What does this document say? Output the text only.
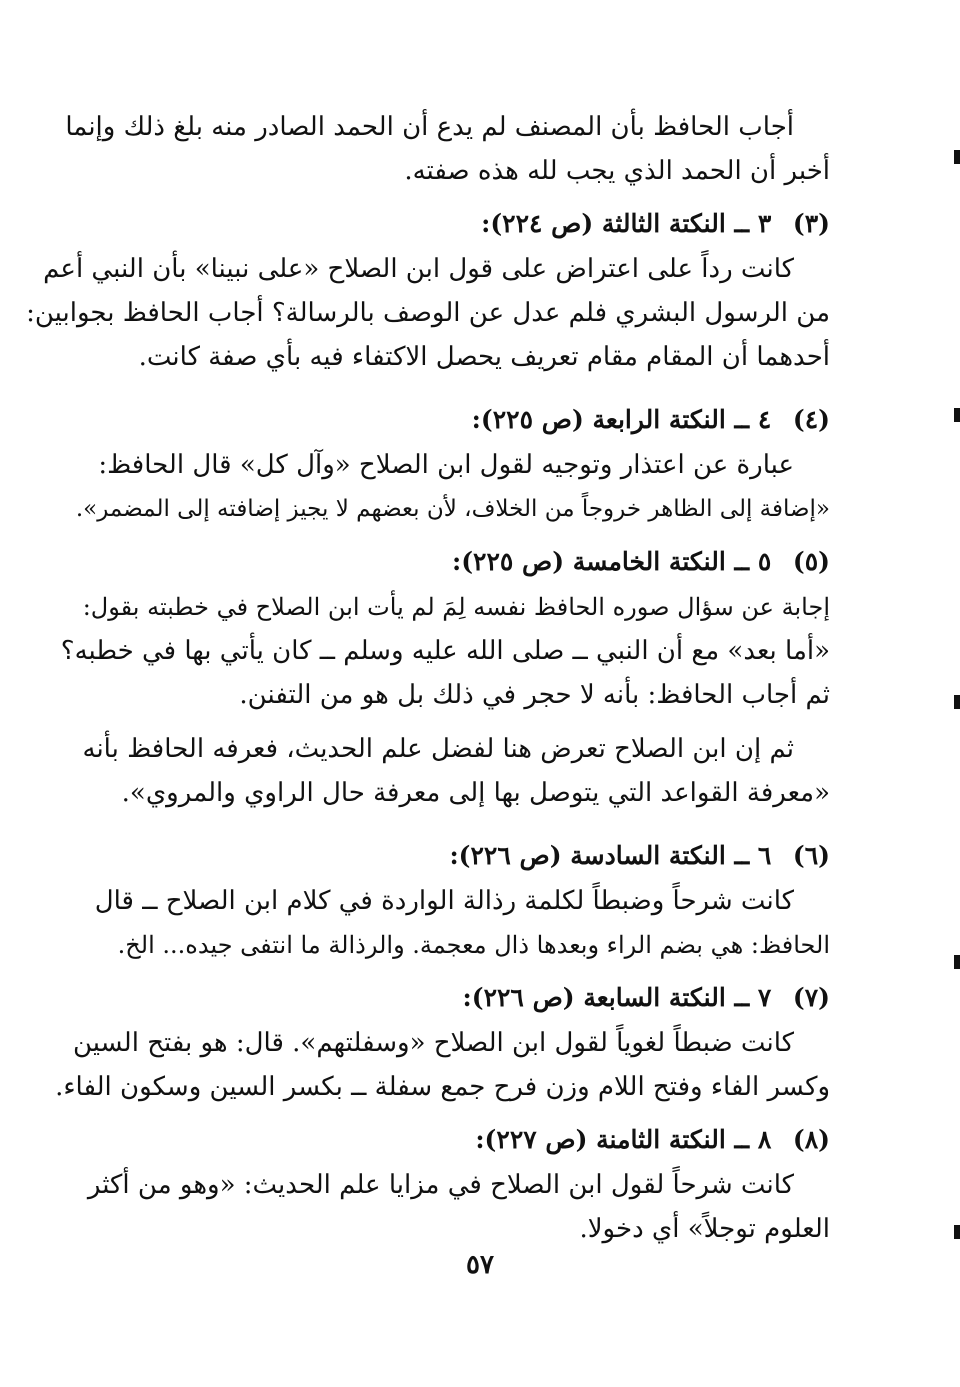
أجاب الحافظ بأن المصنف لم يدع أن الحمد الصادر منه بلغ ذلك وإنما

أخبر أن الحمد الذي يجب لله هذه صفته.

(٣) ٣ ــ النكتة الثالثة (ص ٢٢٤):

كانت رداً على اعتراض على قول ابن الصلاح «على نبينا» بأن النبي أعم

من الرسول البشري فلم عدل عن الوصف بالرسالة؟ أجاب الحافظ بجوابين:

أحدهما أن المقام مقام تعريف يحصل الاكتفاء فيه بأي صفة كانت.

(٤) ٤ ــ النكتة الرابعة (ص ٢٢٥):

عبارة عن اعتذار وتوجيه لقول ابن الصلاح «وآل كل» قال الحافظ:

«إضافة إلى الظاهر خروجاً من الخلاف، لأن بعضهم لا يجيز إضافته إلى المضمر».

(٥) ٥ ــ النكتة الخامسة (ص ٢٢٥):

إجابة عن سؤال صوره الحافظ نفسه لِمَ لم يأت ابن الصلاح في خطبته بقول:

«أما بعد» مع أن النبي ــ صلى الله عليه وسلم ــ كان يأتي بها في خطبه؟

ثم أجاب الحافظ: بأنه لا حجر في ذلك بل هو من التفنن.

ثم إن ابن الصلاح تعرض هنا لفضل علم الحديث، فعرفه الحافظ بأنه

«معرفة القواعد التي يتوصل بها إلى معرفة حال الراوي والمروي».

(٦) ٦ ــ النكتة السادسة (ص ٢٢٦):

كانت شرحاً وضبطاً لكلمة رذالة الواردة في كلام ابن الصلاح ــ قال

الحافظ: هي بضم الراء وبعدها ذال معجمة. والرذالة ما انتفى جيده... الخ.

(٧) ٧ ــ النكتة السابعة (ص ٢٢٦):

كانت ضبطاً لغوياً لقول ابن الصلاح «وسفلتهم». قال: هو بفتح السين

وكسر الفاء وفتح اللام وزن فرح جمع سفلة ــ بكسر السين وسكون الفاء.

(٨) ٨ ــ النكتة الثامنة (ص ٢٢٧):

كانت شرحاً لقول ابن الصلاح في مزايا علم الحديث: «وهو من أكثر

العلوم توجلاً» أي دخولا.

٥٧
